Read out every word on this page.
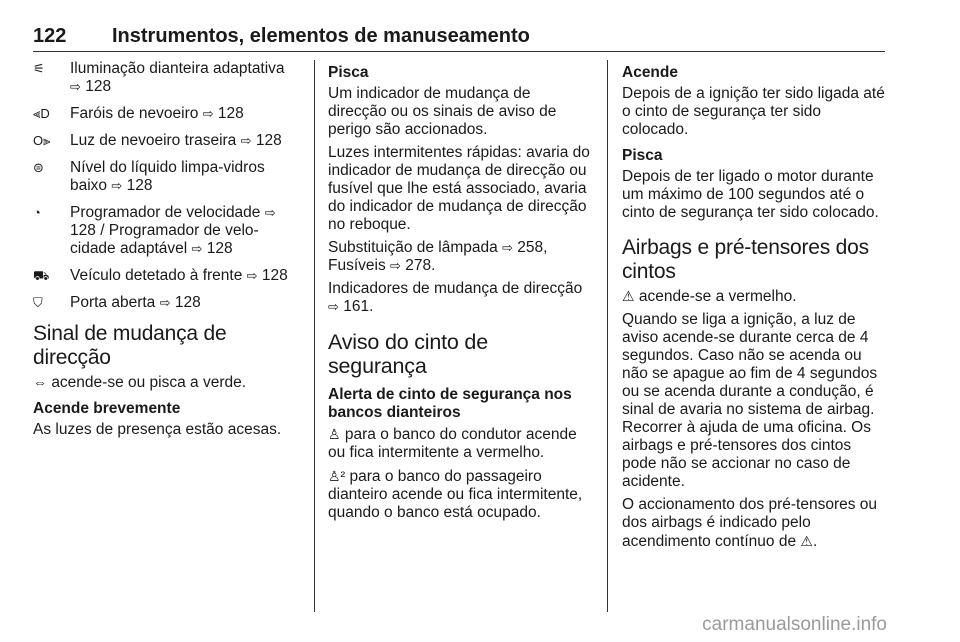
122 Instrumentos, elementos de manuseamento
⚟	Iluminação dianteira adaptativa ⇨ 128
⫷D	Faróis de nevoeiro ⇨ 128
O⫸	Luz de nevoeiro traseira ⇨ 128
⊜	Nível do líquido limpa-vidros baixo ⇨ 128
◔	Programador de velocidade ⇨ 128 / Programador de velo-cidade adaptável ⇨ 128
⛟	Veículo detetado à frente ⇨ 128
⛉	Porta aberta ⇨ 128
Sinal de mudança de direcção

⇔ acende-se ou pisca a verde.

Acende brevemente

As luzes de presença estão acesas.

Pisca

Um indicador de mudança de direcção ou os sinais de aviso de perigo são accionados.

Luzes intermitentes rápidas: avaria do indicador de mudança de direcção ou fusível que lhe está associado, avaria do indicador de mudança de direcção no reboque.

Substituição de lâmpada ⇨ 258, Fusíveis ⇨ 278.

Indicadores de mudança de direcção ⇨ 161.

Aviso do cinto de segurança
Alerta de cinto de segurança nos bancos dianteiros

♙ para o banco do condutor acende ou fica intermitente a vermelho.

♙² para o banco do passageiro dianteiro acende ou fica intermitente, quando o banco está ocupado.

Acende

Depois de a ignição ter sido ligada até o cinto de segurança ter sido colocado.

Pisca

Depois de ter ligado o motor durante um máximo de 100 segundos até o cinto de segurança ter sido colocado.

Airbags e pré-tensores dos cintos

⚠ acende-se a vermelho.

Quando se liga a ignição, a luz de aviso acende-se durante cerca de 4 segundos. Caso não se acenda ou não se apague ao fim de 4 segundos ou se acenda durante a condução, é sinal de avaria no sistema de airbag. Recorrer à ajuda de uma oficina. Os airbags e pré-tensores dos cintos pode não se accionar no caso de acidente.

O accionamento dos pré-tensores ou dos airbags é indicado pelo acendimento contínuo de ⚠.

carmanualsonline.info
